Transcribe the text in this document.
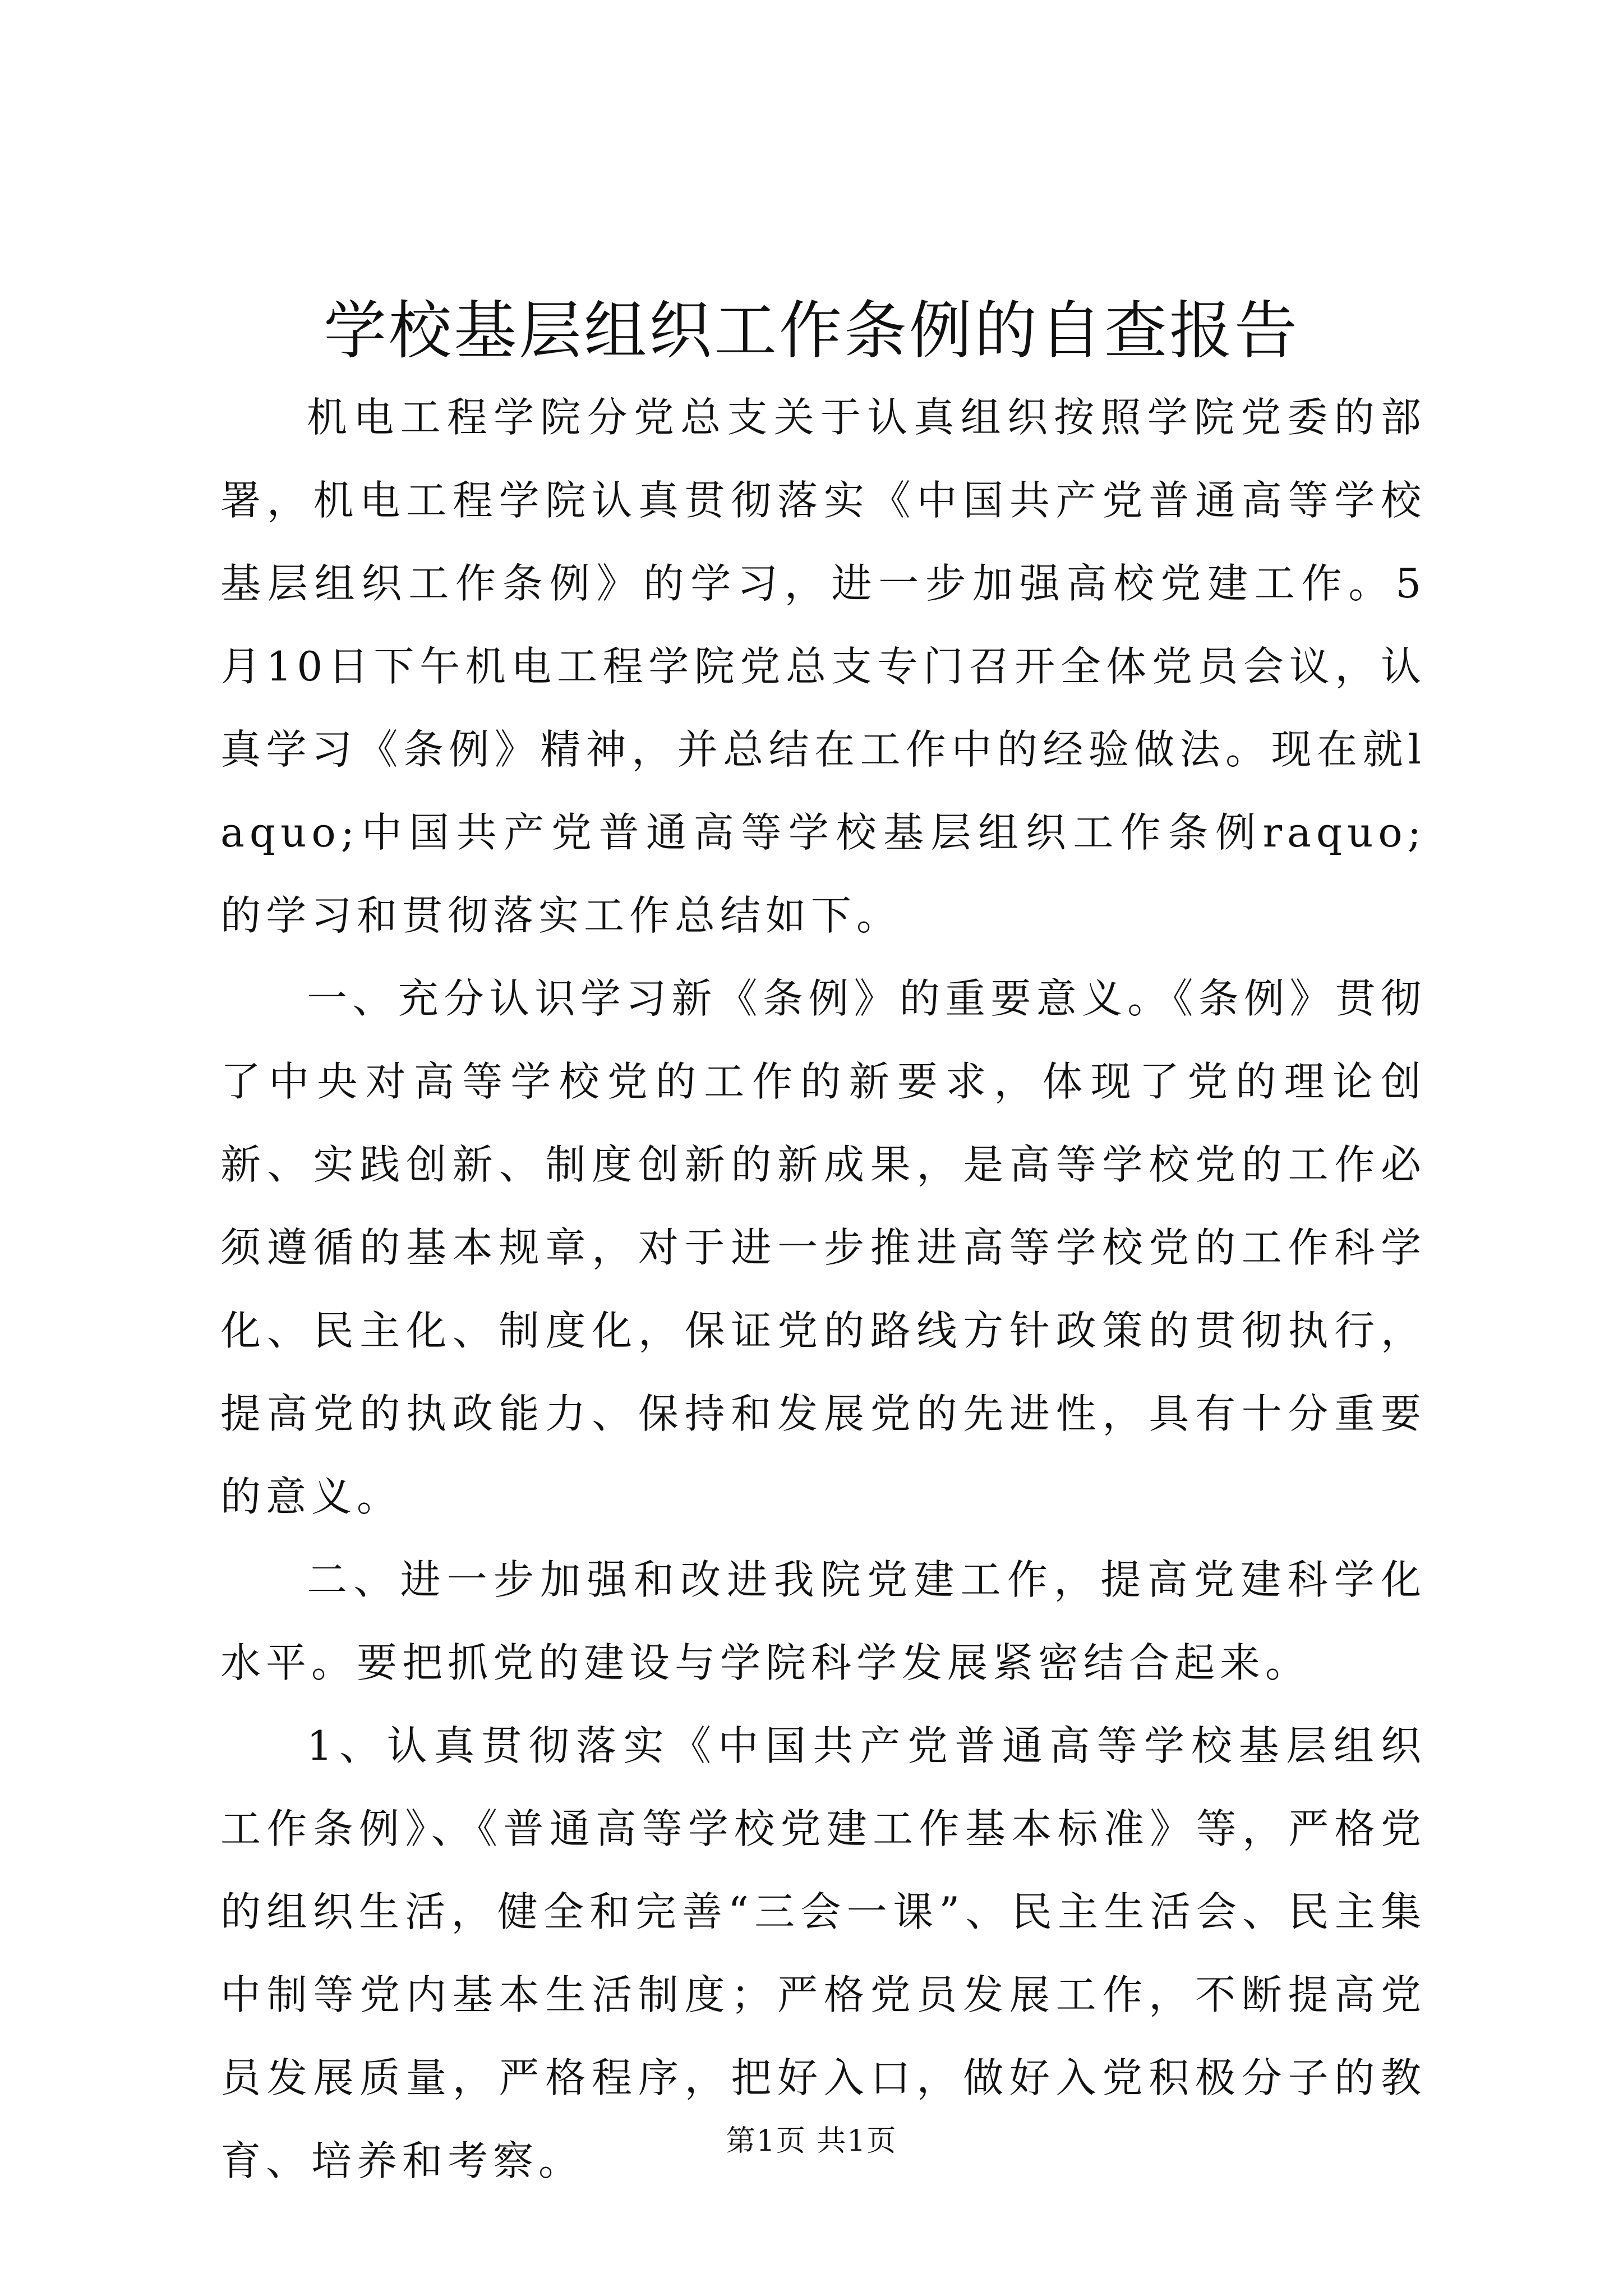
学校基层组织工作条例的自查报告

机电工程学院分党总支关于认真组织按照学院党委的部署，机电工程学院认真贯彻落实《中国共产党普通高等学校基层组织工作条例》的学习，进一步加强高校党建工作。5月10日下午机电工程学院党总支专门召开全体党员会议，认真学习《条例》精神，并总结在工作中的经验做法。现在就laquo;中国共产党普通高等学校基层组织工作条例raquo;的学习和贯彻落实工作总结如下。

一、充分认识学习新《条例》的重要意义。《条例》贯彻了中央对高等学校党的工作的新要求，体现了党的理论创新、实践创新、制度创新的新成果，是高等学校党的工作必须遵循的基本规章，对于进一步推进高等学校党的工作科学化、民主化、制度化，保证党的路线方针政策的贯彻执行，提高党的执政能力、保持和发展党的先进性，具有十分重要的意义。

二、进一步加强和改进我院党建工作，提高党建科学化水平。要把抓党的建设与学院科学发展紧密结合起来。

1、认真贯彻落实《中国共产党普通高等学校基层组织工作条例》、《普通高等学校党建工作基本标准》等，严格党的组织生活，健全和完善“三会一课”、民主生活会、民主集中制等党内基本生活制度；严格党员发展工作，不断提高党员发展质量，严格程序，把好入口，做好入党积极分子的教育、培养和考察。	第1页 共1页
